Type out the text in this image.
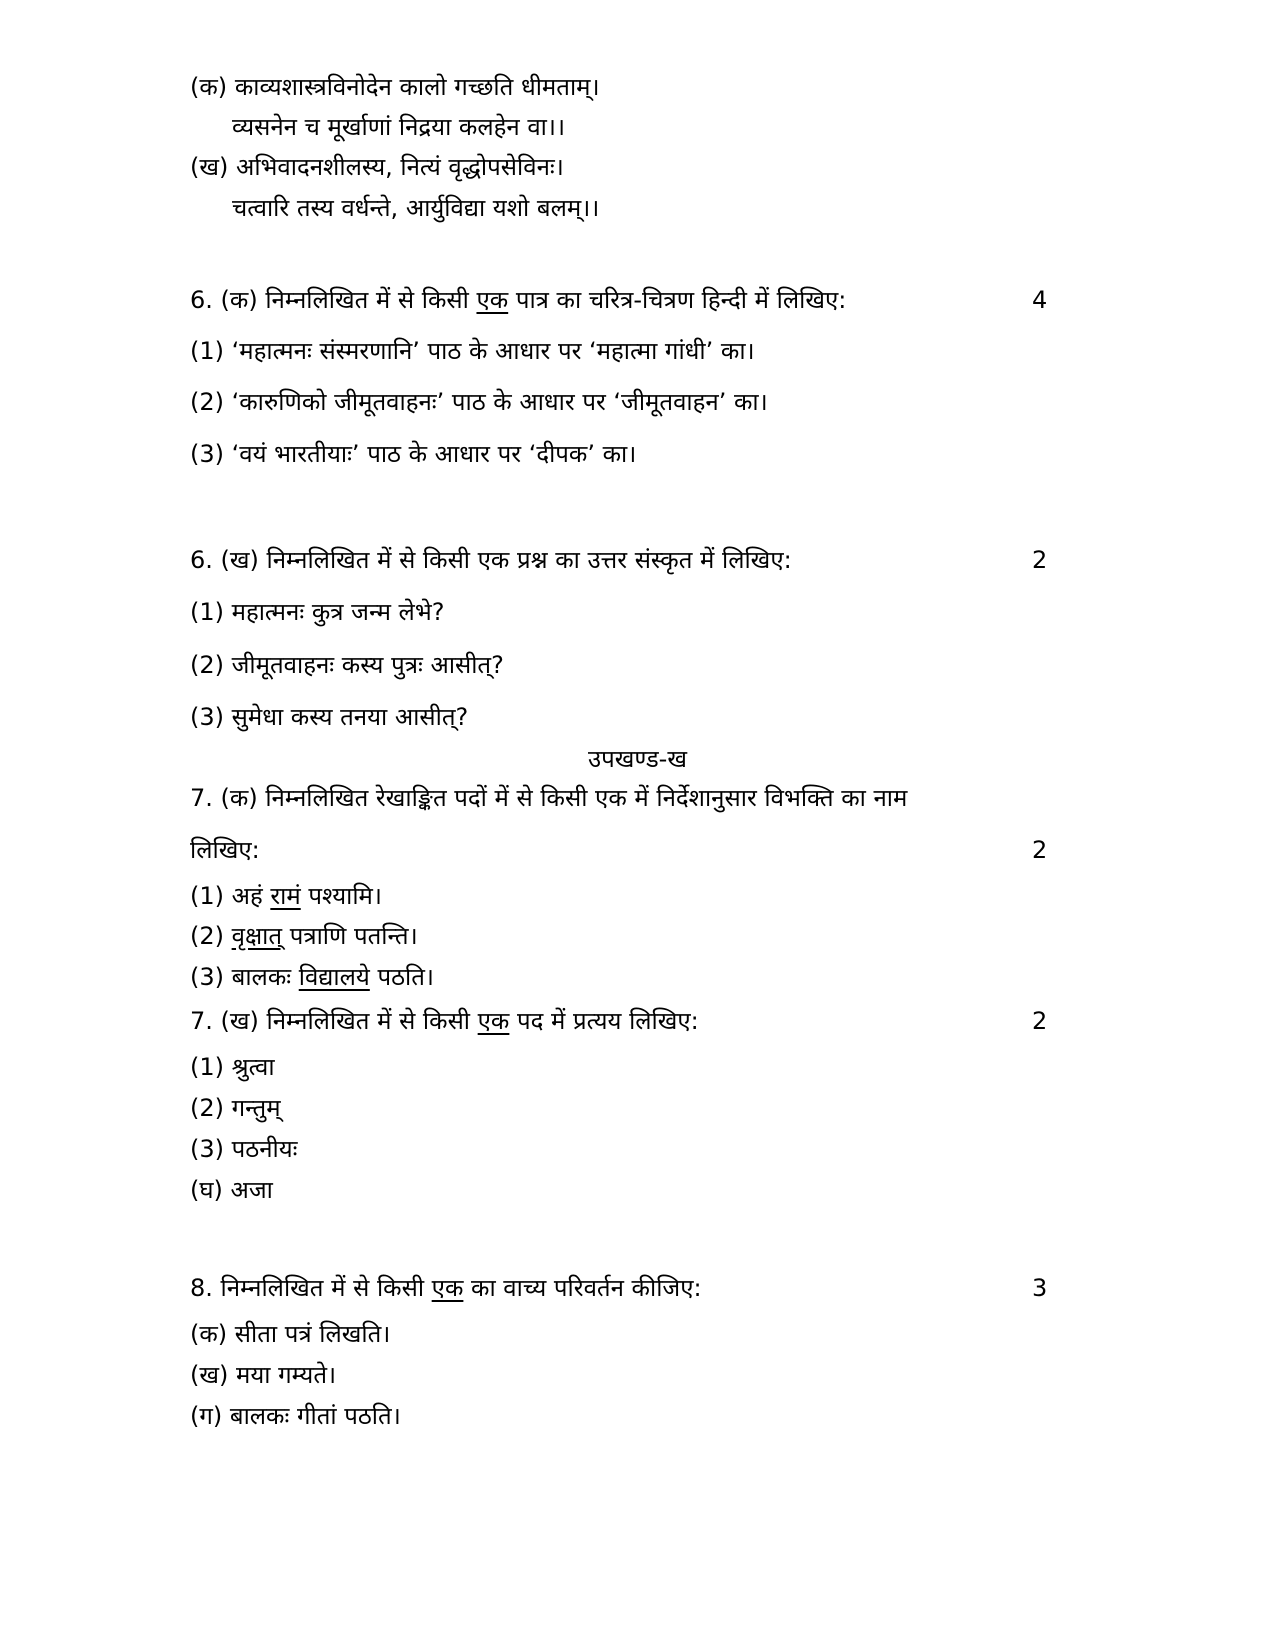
(क) काव्यशास्त्रविनोदेन कालो गच्छति धीमताम्।
व्यसनेन च मूर्खाणां निद्रया कलहेन वा।।
(ख) अभिवादनशीलस्य, नित्यं वृद्धोपसेविनः।
चत्वारि तस्य वर्धन्ते, आर्युविद्या यशो बलम्।।
6. (क) निम्नलिखित में से किसी एक पात्र का चरित्र-चित्रण हिन्दी में लिखिए:	4
(1) ‘महात्मनः संस्मरणानि’ पाठ के आधार पर ‘महात्मा गांधी’ का।
(2) ‘कारुणिको जीमूतवाहनः’ पाठ के आधार पर ‘जीमूतवाहन’ का।
(3) ‘वयं भारतीयाः’ पाठ के आधार पर ‘दीपक’ का।
6. (ख) निम्नलिखित में से किसी एक प्रश्न का उत्तर संस्कृत में लिखिए:	2
(1) महात्मनः कुत्र जन्म लेभे?
(2) जीमूतवाहनः कस्य पुत्रः आसीत्?
(3) सुमेधा कस्य तनया आसीत्?
उपखण्ड-ख
7. (क) निम्नलिखित रेखाङ्कित पदों में से किसी एक में निर्देशानुसार विभक्ति का नाम
लिखिए:	2
(1) अहं रामं पश्यामि।
(2) वृक्षात् पत्राणि पतन्ति।
(3) बालकः विद्यालये पठति।
7. (ख) निम्नलिखित में से किसी एक पद में प्रत्यय लिखिए:	2
(1) श्रुत्वा
(2) गन्तुम्
(3) पठनीयः
(घ) अजा
8. निम्नलिखित में से किसी एक का वाच्य परिवर्तन कीजिए:	3
(क) सीता पत्रं लिखति।
(ख) मया गम्यते।
(ग) बालकः गीतां पठति।
